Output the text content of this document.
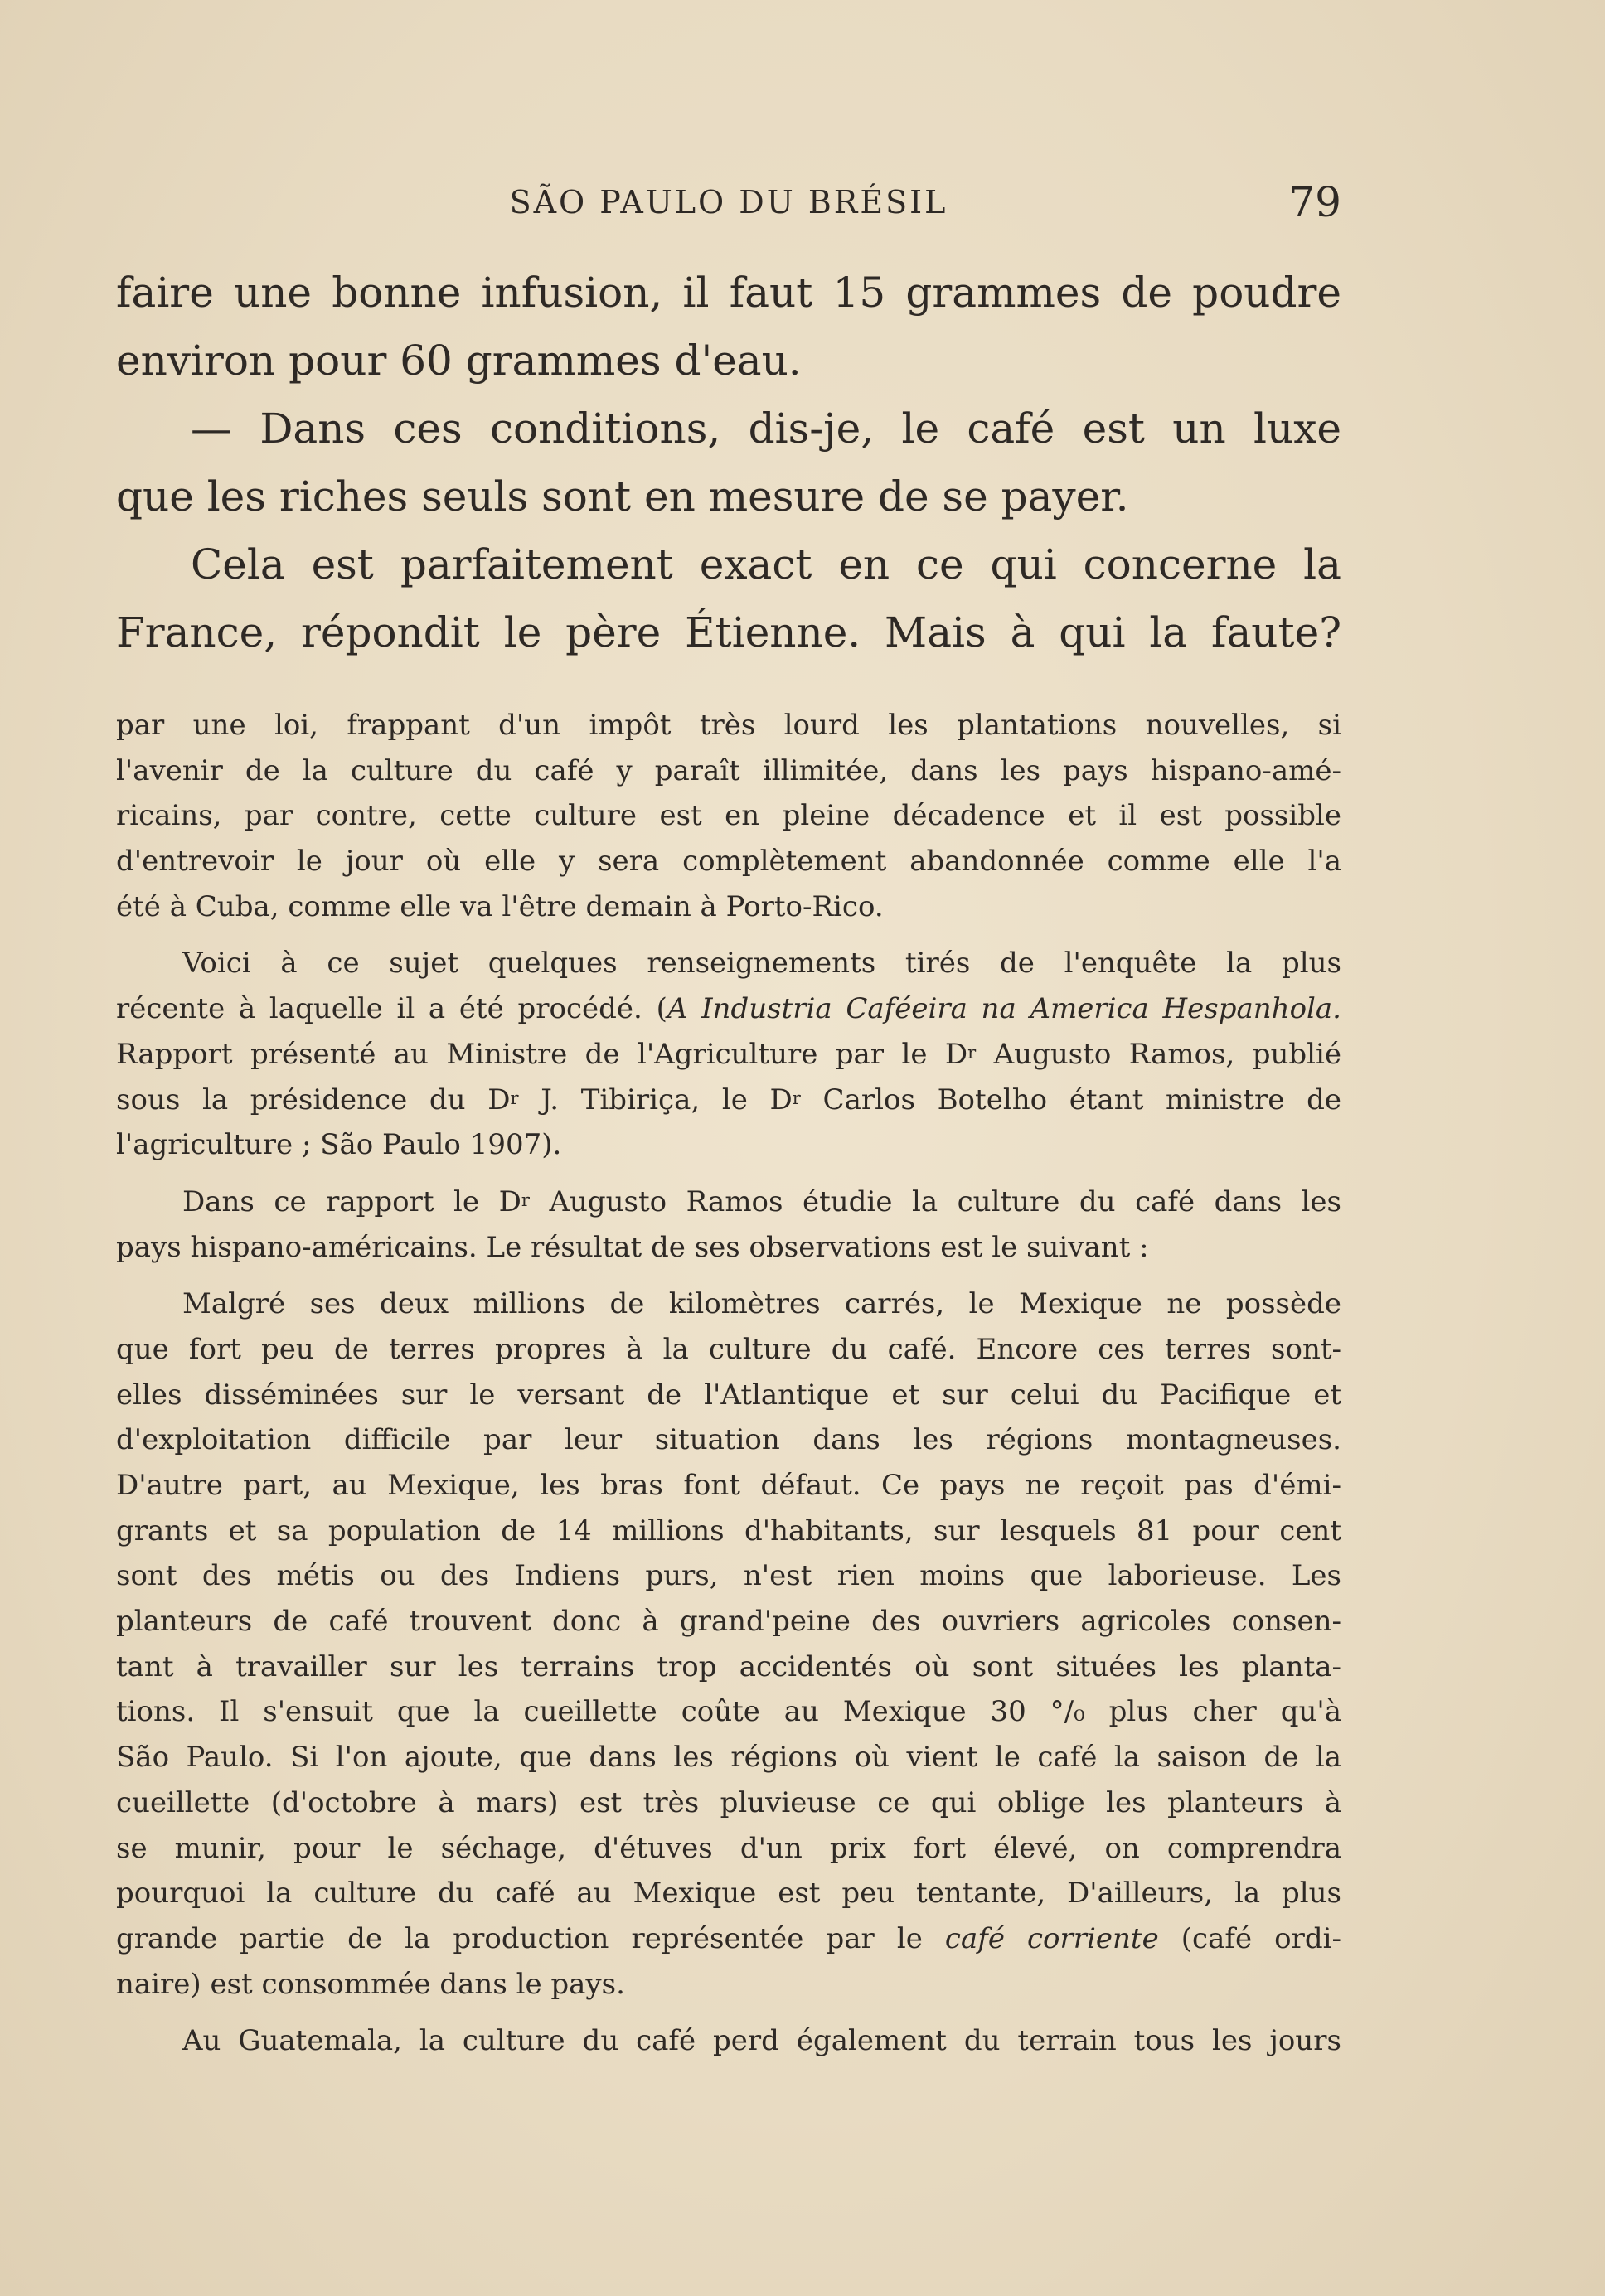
SÃO PAULO DU BRÉSIL	79
faire une bonne infusion, il faut 15 grammes de poudre
environ pour 60 grammes d'eau.
— Dans ces conditions, dis-je, le café est un luxe
que les riches seuls sont en mesure de se payer.
Cela est parfaitement exact en ce qui concerne la
France, répondit le père Étienne. Mais à qui la faute?
par une loi, frappant d'un impôt très lourd les plantations nouvelles, si
l'avenir de la culture du café y paraît illimitée, dans les pays hispano-amé-
ricains, par contre, cette culture est en pleine décadence et il est possible
d'entrevoir le jour où elle y sera complètement abandonnée comme elle l'a
été à Cuba, comme elle va l'être demain à Porto-Rico.
Voici à ce sujet quelques renseignements tirés de l'enquête la plus
récente à laquelle il a été procédé. (A Industria Caféeira na America Hespanhola.
Rapport présenté au Ministre de l'Agriculture par le $D^r$ Augusto Ramos, publié
sous la présidence du $D^r$ J. Tibiriça, le $D^r$ Carlos Botelho étant ministre de
l'agriculture ; São Paulo 1907).
Dans ce rapport le $D^r$ Augusto Ramos étudie la culture du café dans les
pays hispano-américains. Le résultat de ses observations est le suivant :
Malgré ses deux millions de kilomètres carrés, le Mexique ne possède
que fort peu de terres propres à la culture du café. Encore ces terres sont-
elles disséminées sur le versant de l'Atlantique et sur celui du Pacifique et
d'exploitation difficile par leur situation dans les régions montagneuses.
D'autre part, au Mexique, les bras font défaut. Ce pays ne reçoit pas d'émi-
grants et sa population de 14 millions d'habitants, sur lesquels 81 pour cent
sont des métis ou des Indiens purs, n'est rien moins que laborieuse. Les
planteurs de café trouvent donc à grand'peine des ouvriers agricoles consen-
tant à travailler sur les terrains trop accidentés où sont situées les planta-
tions. Il s'ensuit que la cueillette coûte au Mexique 30 °/₀ plus cher qu'à
São Paulo. Si l'on ajoute, que dans les régions où vient le café la saison de la
cueillette (d'octobre à mars) est très pluvieuse ce qui oblige les planteurs à
se munir, pour le séchage, d'étuves d'un prix fort élevé, on comprendra
pourquoi la culture du café au Mexique est peu tentante, D'ailleurs, la plus
grande partie de la production représentée par le café corriente (café ordi-
naire) est consommée dans le pays.
Au Guatemala, la culture du café perd également du terrain tous les jours
